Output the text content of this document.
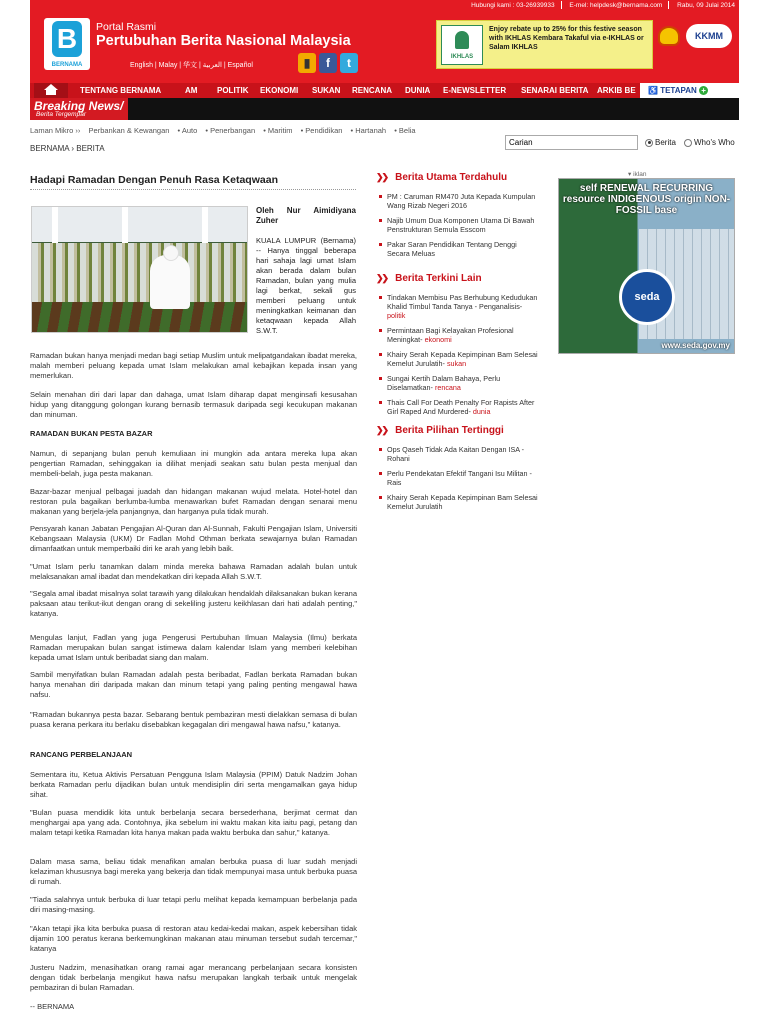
Hubungi kami : 03-26939933 E-mel: helpdesk@bernama.com Rabu, 09 Julai 2014
B
BERNAMA
Portal Rasmi
Pertubuhan Berita Nasional Malaysia
English | Malay | 华文 | العربية | Español	▮	f	t	IKHLAS
Enjoy rebate up to 25% for this festive season with IKHLAS Kembara Takaful via e-IKHLAS or Salam IKHLAS
KKMM
TENTANG BERNAMA	AM POLITIK EKONOMI SUKAN RENCANA DUNIA E-NEWSLETTER SENARAI BERITA ARKIB BE	♿ TETAPAN +
Breaking News/
Berita Tergempar
Laman Mikro ›› Perbankan & Kewangan • Auto • Penerbangan • Maritim • Pendidikan • Hartanah • Belia
BERNAMA › BERITA
Carian
Berita	Who's Who
Hadapi Ramadan Dengan Penuh Rasa Ketaqwaan
Oleh Nur Aimidiyana Zuher
KUALA LUMPUR (Bernama) -- Hanya tinggal beberapa hari sahaja lagi umat Islam akan berada dalam bulan Ramadan, bulan yang mulia lagi berkat, sekali gus memberi peluang untuk meningkatkan keimanan dan ketaqwaan kepada Allah S.W.T.
Ramadan bukan hanya menjadi medan bagi setiap Muslim untuk melipatgandakan ibadat mereka, malah memberi peluang kepada umat Islam melakukan amal kebajikan kepada insan yang memerlukan.
Selain menahan diri dari lapar dan dahaga, umat Islam diharap dapat menginsafi kesusahan hidup yang ditanggung golongan kurang bernasib termasuk daripada segi kecukupan makanan dan minuman.
RAMADAN BUKAN PESTA BAZAR
Namun, di sepanjang bulan penuh kemuliaan ini mungkin ada antara mereka lupa akan pengertian Ramadan, sehinggakan ia dilihat menjadi seakan satu bulan pesta menjual dan membeli-belah, juga pesta makanan.
Bazar-bazar menjual pelbagai juadah dan hidangan makanan wujud melata. Hotel-hotel dan restoran pula bagaikan berlumba-lumba menawarkan bufet Ramadan dengan senarai menu makanan yang berjela-jela panjangnya, dan harganya pula tidak murah.
Pensyarah kanan Jabatan Pengajian Al-Quran dan Al-Sunnah, Fakulti Pengajian Islam, Universiti Kebangsaan Malaysia (UKM) Dr Fadlan Mohd Othman berkata sewajarnya bulan Ramadan dimanfaatkan untuk memperbaiki diri ke arah yang lebih baik.
"Umat Islam perlu tanamkan dalam minda mereka bahawa Ramadan adalah bulan untuk melaksanakan amal ibadat dan mendekatkan diri kepada Allah S.W.T.
"Segala amal ibadat misalnya solat tarawih yang dilakukan hendaklah dilaksanakan bukan kerana paksaan atau terikut-ikut dengan orang di sekeliling justeru keikhlasan dari hati adalah penting," katanya.
Mengulas lanjut, Fadlan yang juga Pengerusi Pertubuhan Ilmuan Malaysia (Ilmu) berkata Ramadan merupakan bulan sangat istimewa dalam kalendar Islam yang memberi kelebihan kepada umat Islam untuk beribadat siang dan malam.
Sambil menyifatkan bulan Ramadan adalah pesta beribadat, Fadlan berkata Ramadan bukan hanya menahan diri daripada makan dan minum tetapi yang paling penting mengawal hawa nafsu.
"Ramadan bukannya pesta bazar. Sebarang bentuk pembaziran mesti dielakkan semasa di bulan puasa kerana perkara itu berlaku disebabkan kegagalan diri mengawal hawa nafsu," katanya.
RANCANG PERBELANJAAN
Sementara itu, Ketua Aktivis Persatuan Pengguna Islam Malaysia (PPIM) Datuk Nadzim Johan berkata Ramadan perlu dijadikan bulan untuk mendisiplin diri serta mengamalkan gaya hidup sihat.
"Bulan puasa mendidik kita untuk berbelanja secara bersederhana, berjimat cermat dan menghargai apa yang ada. Contohnya, jika sebelum ini waktu makan kita iaitu pagi, petang dan malam tetapi ketika Ramadan kita hanya makan pada waktu berbuka dan sahur," katanya.
Dalam masa sama, beliau tidak menafikan amalan berbuka puasa di luar sudah menjadi kelaziman khususnya bagi mereka yang bekerja dan tidak mempunyai masa untuk berbuka puasa di rumah.
"Tiada salahnya untuk berbuka di luar tetapi perlu melihat kepada kemampuan berbelanja pada diri masing-masing.
"Akan tetapi jika kita berbuka puasa di restoran atau kedai-kedai makan, aspek kebersihan tidak dijamin 100 peratus kerana berkemungkinan makanan atau minuman tersebut sudah tercemar," katanya
Justeru Nadzim, menasihatkan orang ramai agar merancang perbelanjaan secara konsisten dengan tidak berbelanja mengikut hawa nafsu merupakan langkah terbaik untuk mengelak pembaziran di bulan Ramadan.
-- BERNAMA
❯❯ Berita Utama Terdahulu
PM : Caruman RM470 Juta Kepada Kumpulan Wang Rizab Negeri 2016
Najib Umum Dua Komponen Utama Di Bawah Penstrukturan Semula Esscom
Pakar Saran Pendidikan Tentang Denggi Secara Meluas
❯❯ Berita Terkini Lain
Tindakan Membisu Pas Berhubung Kedudukan Khalid Timbul Tanda Tanya - Penganalisis- politik
Permintaan Bagi Kelayakan Profesional Meningkat- ekonomi
Khairy Serah Kepada Kepimpinan Bam Selesai Kemelut Jurulatih- sukan
Sungai Kertih Dalam Bahaya, Perlu Diselamatkan- rencana
Thais Call For Death Penalty For Rapists After Girl Raped And Murdered- dunia
❯❯ Berita Pilihan Tertinggi
Ops Qaseh Tidak Ada Kaitan Dengan ISA - Rohani
Perlu Pendekatan Efektif Tangani Isu Militan - Rais
Khairy Serah Kepada Kepimpinan Bam Selesai Kemelut Jurulatih
▾ iklan
self RENEWAL RECURRING resource INDIGENOUS origin NON-FOSSIL base
seda
www.seda.gov.my
